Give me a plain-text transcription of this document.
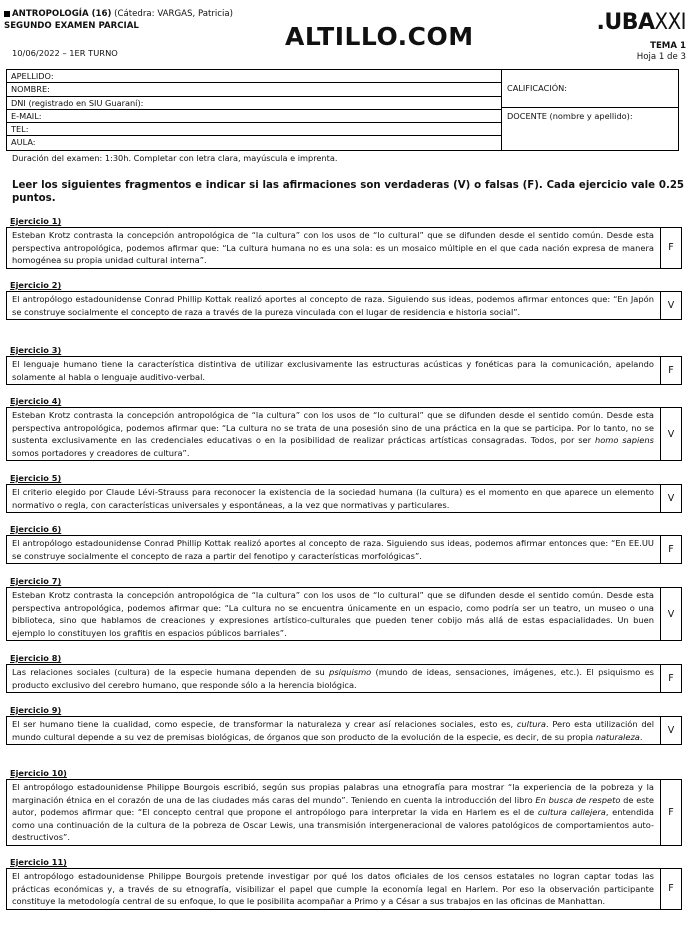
ANTROPOLOGÍA (16) (Cátedra: VARGAS, Patricia)
SEGUNDO EXAMEN PARCIAL
10/06/2022 – 1ER TURNO
ALTILLO.COM	.UBAXXI
TEMA 1
Hoja 1 de 3
APELLIDO:
NOMBRE:
DNI (registrado en SIU Guaraní):
E-MAIL:
TEL:
AULA:
CALIFICACIÓN:
DOCENTE (nombre y apellido):
Duración del examen: 1:30h. Completar con letra clara, mayúscula e imprenta.
Leer los siguientes fragmentos e indicar si las afirmaciones son verdaderas (V) o falsas (F). Cada ejercicio vale 0.25 puntos.
Ejercicio 1)
Esteban Krotz contrasta la concepción antropológica de “la cultura” con los usos de “lo cultural” que se difunden desde el sentido común. Desde esta perspectiva antropológica, podemos afirmar que: “La cultura humana no es una sola: es un mosaico múltiple en el que cada nación expresa de manera homogénea su propia unidad cultural interna”.
F
Ejercicio 2)
El antropólogo estadounidense Conrad Phillip Kottak realizó aportes al concepto de raza. Siguiendo sus ideas, podemos afirmar entonces que: “En Japón se construye socialmente el concepto de raza a través de la pureza vinculada con el lugar de residencia e historia social”.
V
Ejercicio 3)
El lenguaje humano tiene la característica distintiva de utilizar exclusivamente las estructuras acústicas y fonéticas para la comunicación, apelando solamente al habla o lenguaje auditivo-verbal.
F
Ejercicio 4)
Esteban Krotz contrasta la concepción antropológica de “la cultura” con los usos de “lo cultural” que se difunden desde el sentido común. Desde esta perspectiva antropológica, podemos afirmar que: “La cultura no se trata de una posesión sino de una práctica en la que se participa. Por lo tanto, no se sustenta exclusivamente en las credenciales educativas o en la posibilidad de realizar prácticas artísticas consagradas. Todos, por ser homo sapiens somos portadores y creadores de cultura”.
V
Ejercicio 5)
El criterio elegido por Claude Lévi-Strauss para reconocer la existencia de la sociedad humana (la cultura) es el momento en que aparece un elemento normativo o regla, con características universales y espontáneas, a la vez que normativas y particulares.
V
Ejercicio 6)
El antropólogo estadounidense Conrad Phillip Kottak realizó aportes al concepto de raza. Siguiendo sus ideas, podemos afirmar entonces que: “En EE.UU se construye socialmente el concepto de raza a partir del fenotipo y características morfológicas”.
F
Ejercicio 7)
Esteban Krotz contrasta la concepción antropológica de “la cultura” con los usos de “lo cultural” que se difunden desde el sentido común. Desde esta perspectiva antropológica, podemos afirmar que: “La cultura no se encuentra únicamente en un espacio, como podría ser un teatro, un museo o una biblioteca, sino que hablamos de creaciones y expresiones artístico-culturales que pueden tener cobijo más allá de estas espacialidades. Un buen ejemplo lo constituyen los grafitis en espacios públicos barriales”.
V
Ejercicio 8)
Las relaciones sociales (cultura) de la especie humana dependen de su psiquismo (mundo de ideas, sensaciones, imágenes, etc.). El psiquismo es producto exclusivo del cerebro humano, que responde sólo a la herencia biológica.
F
Ejercicio 9)
El ser humano tiene la cualidad, como especie, de transformar la naturaleza y crear así relaciones sociales, esto es, cultura. Pero esta utilización del mundo cultural depende a su vez de premisas biológicas, de órganos que son producto de la evolución de la especie, es decir, de su propia naturaleza.
V
Ejercicio 10)
El antropólogo estadounidense Philippe Bourgois escribió, según sus propias palabras una etnografía para mostrar “la experiencia de la pobreza y la marginación étnica en el corazón de una de las ciudades más caras del mundo”. Teniendo en cuenta la introducción del libro En busca de respeto de este autor, podemos afirmar que: “El concepto central que propone el antropólogo para interpretar la vida en Harlem es el de cultura callejera, entendida como una continuación de la cultura de la pobreza de Oscar Lewis, una transmisión intergeneracional de valores patológicos de comportamientos auto-destructivos”.
F
Ejercicio 11)
El antropólogo estadounidense Philippe Bourgois pretende investigar por qué los datos oficiales de los censos estatales no logran captar todas las prácticas económicas y, a través de su etnografía, visibilizar el papel que cumple la economía legal en Harlem. Por eso la observación participante constituye la metodología central de su enfoque, lo que le posibilita acompañar a Primo y a César a sus trabajos en las oficinas de Manhattan.
F
